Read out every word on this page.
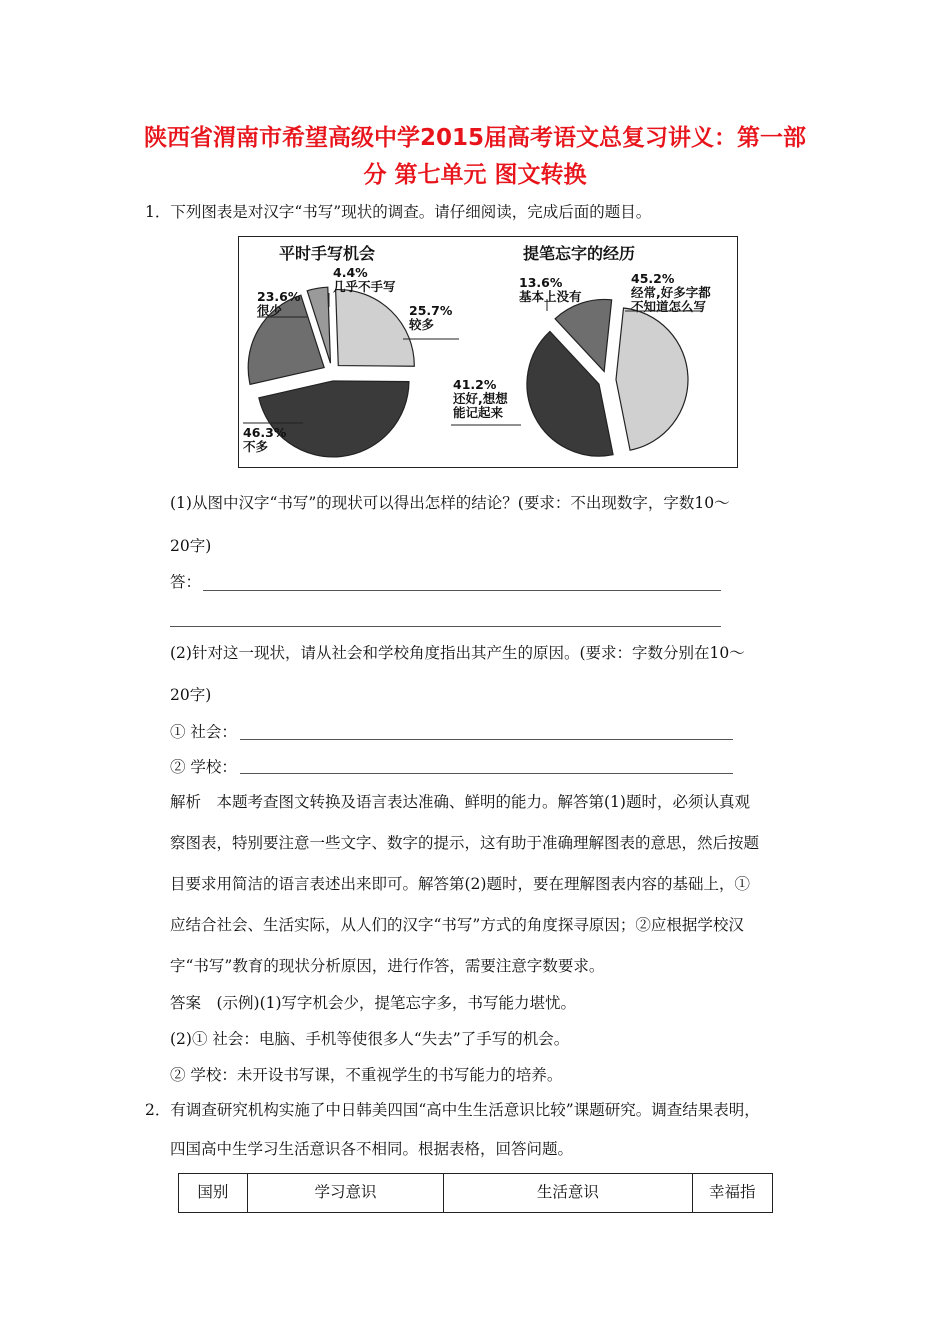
陕西省渭南市希望高级中学2015届高考语文总复习讲义：第一部
分 第七单元 图文转换
1．下列图表是对汉字“书写”现状的调查。请仔细阅读，完成后面的题目。
平时手写机会	提笔忘字的经历
25.7%
较多
46.3%
不多
23.6%
很少
4.4%
几乎不手写
45.2%
经常,好多字都
不知道怎么写
41.2%
还好,想想
能记起来
13.6%
基本上没有
(1)从图中汉字“书写”的现状可以得出怎样的结论？(要求：不出现数字，字数10～
20字)
答：
(2)针对这一现状，请从社会和学校角度指出其产生的原因。(要求：字数分别在10～
20字)
① 社会：
② 学校：
解析　本题考查图文转换及语言表达准确、鲜明的能力。解答第(1)题时，必须认真观
察图表，特别要注意一些文字、数字的提示，这有助于准确理解图表的意思，然后按题
目要求用简洁的语言表述出来即可。解答第(2)题时，要在理解图表内容的基础上，①
应结合社会、生活实际，从人们的汉字“书写”方式的角度探寻原因；②应根据学校汉
字“书写”教育的现状分析原因，进行作答，需要注意字数要求。
答案　(示例)(1)写字机会少，提笔忘字多，书写能力堪忧。
(2)① 社会：电脑、手机等使很多人“失去”了手写的机会。
② 学校：未开设书写课，不重视学生的书写能力的培养。
2．有调查研究机构实施了中日韩美四国“高中生生活意识比较”课题研究。调查结果表明，
四国高中生学习生活意识各不相同。根据表格，回答问题。
国别	学习意识	生活意识	幸福指
